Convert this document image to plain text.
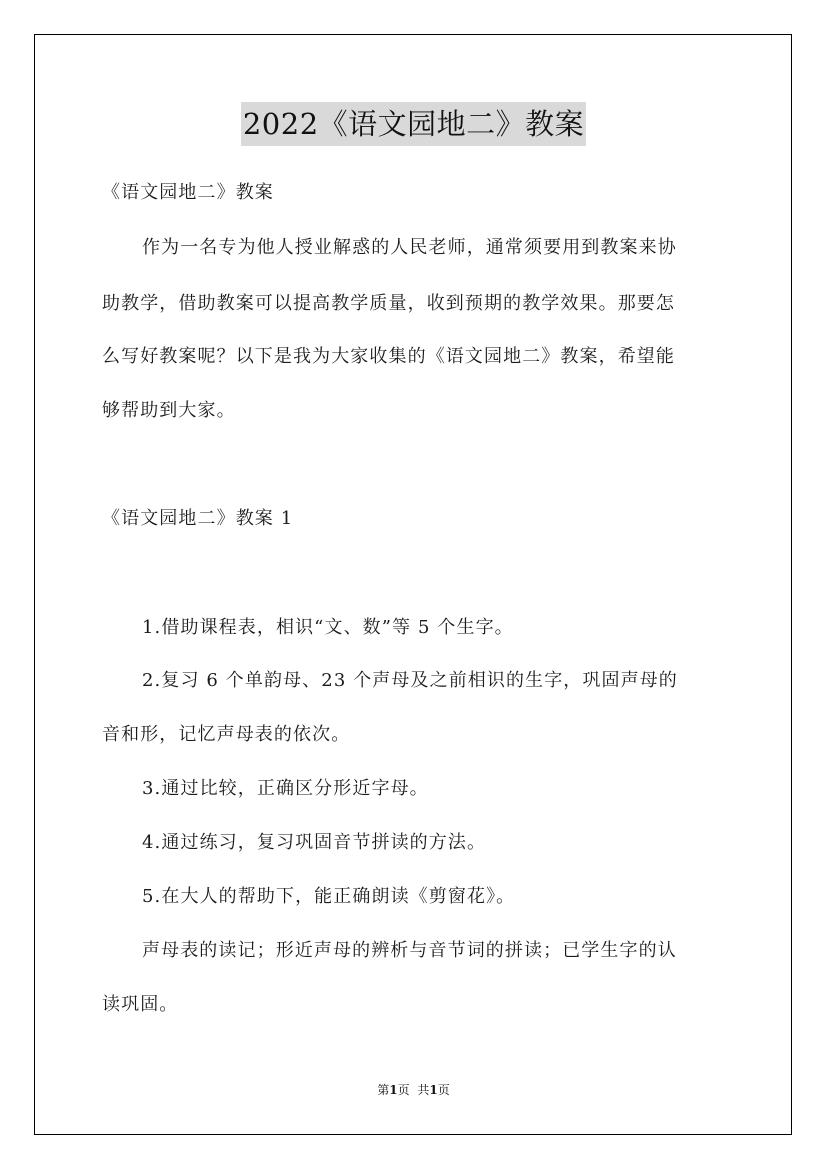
2022《语文园地二》教案

《语文园地二》教案

作为一名专为他人授业解惑的人民老师，通常须要用到教案来协

助教学，借助教案可以提高教学质量，收到预期的教学效果。那要怎

么写好教案呢？以下是我为大家收集的《语文园地二》教案，希望能

够帮助到大家。

《语文园地二》教案 1

1.借助课程表，相识“文、数”等 5 个生字。

2.复习 6 个单韵母、23 个声母及之前相识的生字，巩固声母的

音和形，记忆声母表的依次。

3.通过比较，正确区分形近字母。

4.通过练习，复习巩固音节拼读的方法。

5.在大人的帮助下，能正确朗读《剪窗花》。

声母表的读记；形近声母的辨析与音节词的拼读；已学生字的认

读巩固。

第1页 共1页
